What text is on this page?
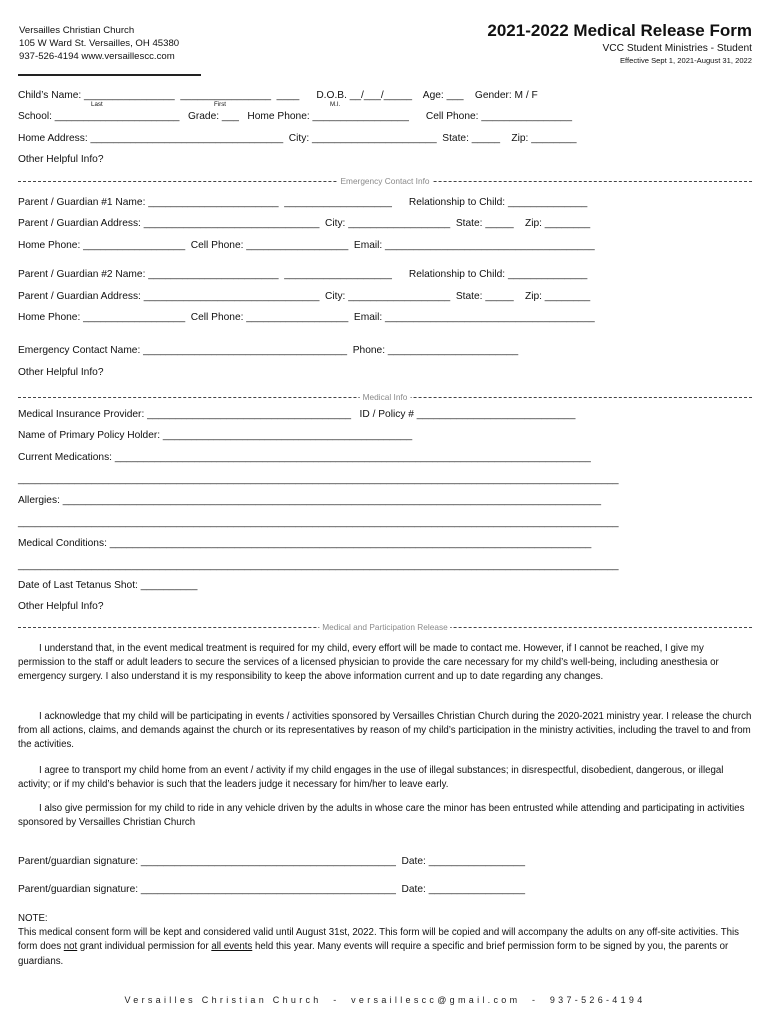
Versailles Christian Church
105 W Ward St. Versailles, OH 45380
937-526-4194 www.versaillescc.com
2021-2022 Medical Release Form
VCC Student Ministries - Student
Effective Sept 1, 2021-August 31, 2022
Child’s Name: ________________  ________________  ____      D.O.B. __/___/_____    Age: ___    Gender: M / F
Last	First	M.I.
School: ______________________   Grade: ___   Home Phone: _________________      Cell Phone: ________________
Home Address: __________________________________  City: ______________________  State: _____    Zip: ________
Other Helpful Info?
Emergency Contact Info
Parent / Guardian #1 Name: _______________________  ___________________      Relationship to Child: ______________
Parent / Guardian Address: _______________________________  City: __________________  State: _____    Zip: ________
Home Phone: __________________  Cell Phone: __________________  Email: _____________________________________
Parent / Guardian #2 Name: _______________________  ___________________      Relationship to Child: ______________
Parent / Guardian Address: _______________________________  City: __________________  State: _____    Zip: ________
Home Phone: __________________  Cell Phone: __________________  Email: _____________________________________
Emergency Contact Name: ____________________________________  Phone: _______________________
Other Helpful Info?
Medical Info
Medical Insurance Provider: ____________________________________   ID / Policy # ____________________________
Name of Primary Policy Holder: ____________________________________________
Current Medications: ____________________________________________________________________________________
__________________________________________________________________________________________________________
Allergies: _______________________________________________________________________________________________
__________________________________________________________________________________________________________
Medical Conditions: _____________________________________________________________________________________
__________________________________________________________________________________________________________
Date of Last Tetanus Shot: __________
Other Helpful Info?
Medical and Participation Release

I understand that, in the event medical treatment is required for my child, every effort will be made to contact me. However, if I cannot be reached, I give my permission to the staff or adult leaders to secure the services of a licensed physician to provide the care necessary for my child’s well-being, including anesthesia or emergency surgery. I also understand it is my responsibility to keep the above information current and up to date regarding any changes.

I acknowledge that my child will be participating in events / activities sponsored by Versailles Christian Church during the 2020-2021 ministry year. I release the church from all actions, claims, and demands against the church or its representatives by reason of my child’s participation in the ministry activities, including the travel to and from the activities.

I agree to transport my child home from an event / activity if my child engages in the use of illegal substances; in disrespectful, disobedient, dangerous, or illegal activity; or if my child’s behavior is such that the leaders judge it necessary for him/her to leave early.

I also give permission for my child to ride in any vehicle driven by the adults in whose care the minor has been entrusted while attending and participating in activities sponsored by Versailles Christian Church

Parent/guardian signature: _____________________________________________  Date: _________________
Parent/guardian signature: _____________________________________________  Date: _________________
NOTE:
This medical consent form will be kept and considered valid until August 31st, 2022. This form will be copied and will accompany the adults on any off-site activities. This form does not grant individual permission for all events held this year. Many events will require a specific and brief permission form to be signed by you, the parents or guardians.
Versailles Christian Church  -  versaillescc@gmail.com  -  937-526-4194
